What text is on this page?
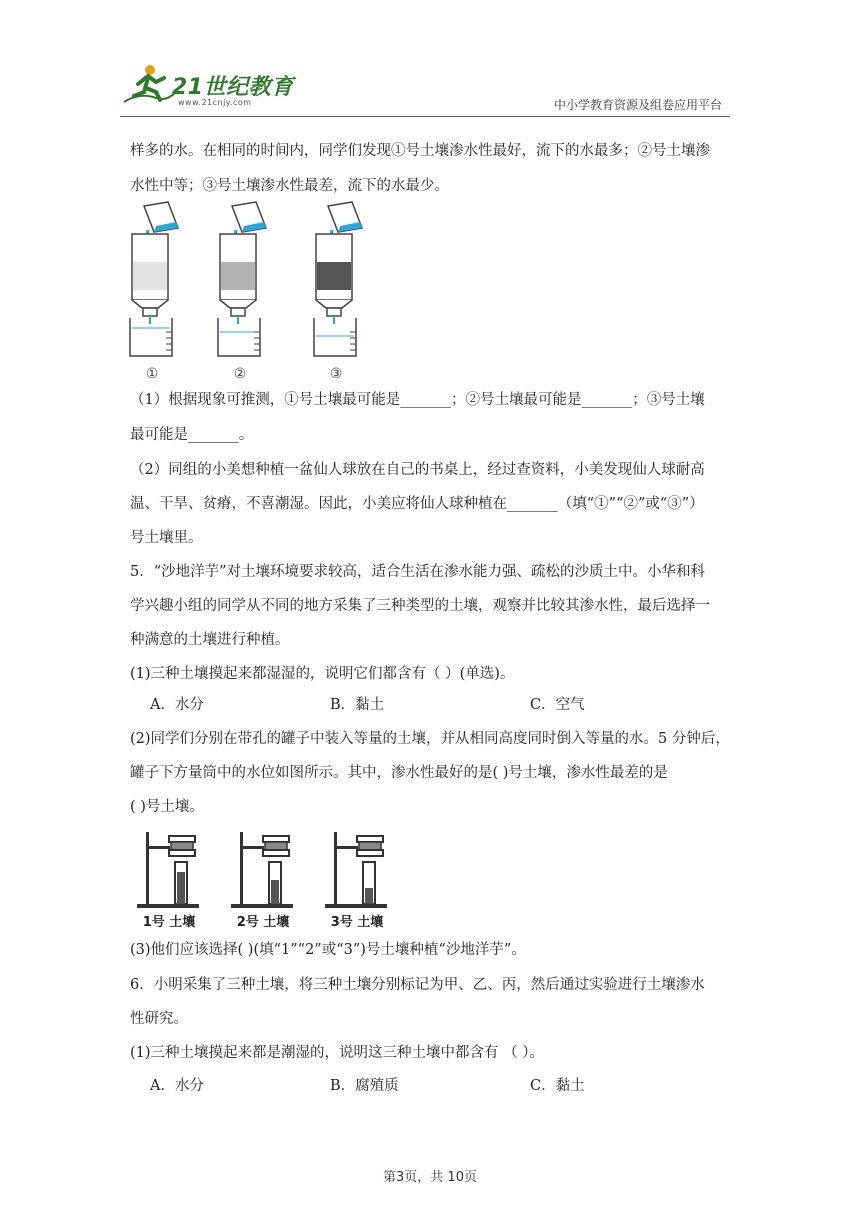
21世纪教育
www.21cnjy.com	中小学教育资源及组卷应用平台
样多的水。在相同的时间内，同学们发现①号土壤渗水性最好，流下的水最多；②号土壤渗
水性中等；③号土壤渗水性最差，流下的水最少。
①	②	③
（1）根据现象可推测，①号土壤最可能是_______；②号土壤最可能是_______；③号土壤
最可能是_______。
（2）同组的小美想种植一盆仙人球放在自己的书桌上，经过查资料，小美发现仙人球耐高
温、干旱、贫瘠，不喜潮湿。因此，小美应将仙人球种植在_______（填“①”“②”或“③”）
号土壤里。
5．“沙地洋芋”对土壤环境要求较高，适合生活在渗水能力强、疏松的沙质土中。小华和科
学兴趣小组的同学从不同的地方采集了三种类型的土壤，观察并比较其渗水性，最后选择一
种满意的土壤进行种植。
(1)三种土壤摸起来都湿湿的，说明它们都含有（ ）(单选)。
A．水分	B．黏土	C．空气
(2)同学们分别在带孔的罐子中装入等量的土壤，并从相同高度同时倒入等量的水。5 分钟后，
罐子下方量筒中的水位如图所示。其中，渗水性最好的是( )号土壤，渗水性最差的是
( )号土壤。
1号 土壤	2号 土壤	3号 土壤
(3)他们应该选择( )(填“1”“2”或“3”)号土壤种植“沙地洋芋”。
6．小明采集了三种土壤，将三种土壤分别标记为甲、乙、丙，然后通过实验进行土壤渗水
性研究。
(1)三种土壤摸起来都是潮湿的，说明这三种土壤中都含有 （ ）。
A．水分	B．腐殖质	C．黏土
第3页，共 10页
